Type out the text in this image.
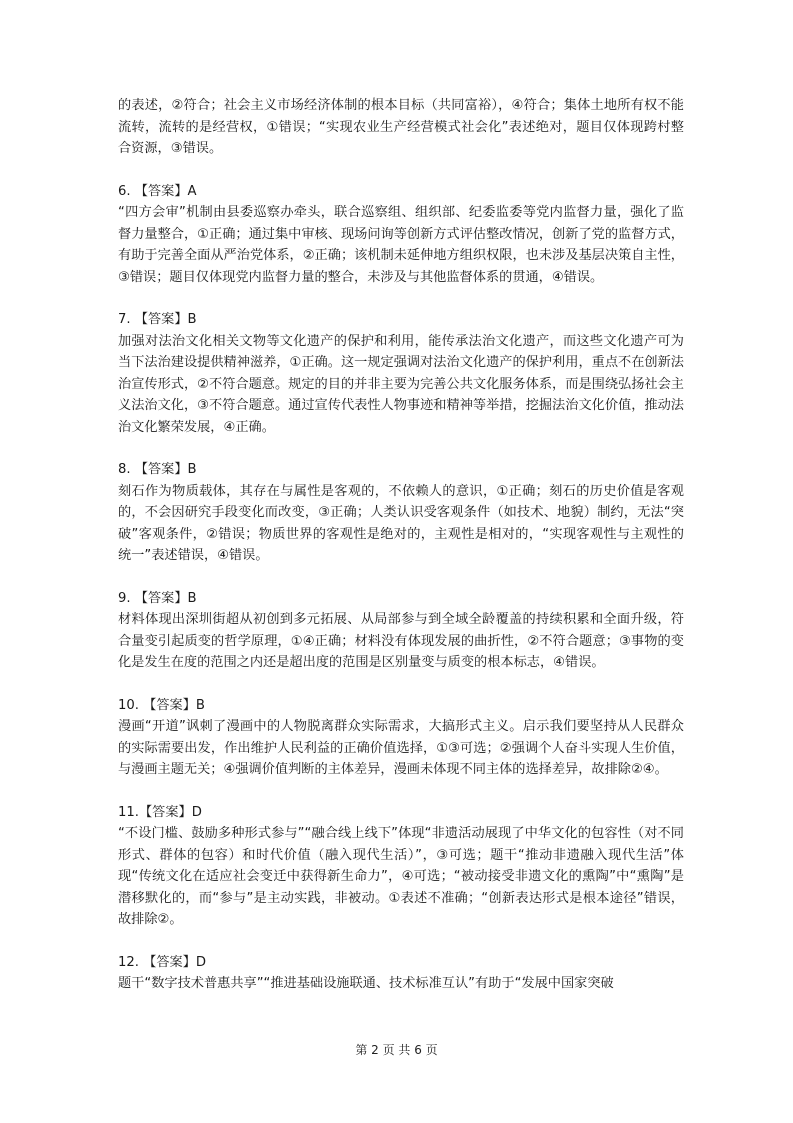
的表述，②符合；社会主义市场经济体制的根本目标（共同富裕），④符合；集体土地所有权不能流转，流转的是经营权，①错误；“实现农业生产经营模式社会化”表述绝对，题目仅体现跨村整合资源，③错误。

6. 【答案】A

“四方会审”机制由县委巡察办牵头，联合巡察组、组织部、纪委监委等党内监督力量，强化了监督力量整合，①正确；通过集中审核、现场问询等创新方式评估整改情况，创新了党的监督方式，有助于完善全面从严治党体系，②正确；该机制未延伸地方组织权限，也未涉及基层决策自主性，③错误；题目仅体现党内监督力量的整合，未涉及与其他监督体系的贯通，④错误。

7. 【答案】B

加强对法治文化相关文物等文化遗产的保护和利用，能传承法治文化遗产，而这些文化遗产可为当下法治建设提供精神滋养，①正确。这一规定强调对法治文化遗产的保护利用，重点不在创新法治宣传形式，②不符合题意。规定的目的并非主要为完善公共文化服务体系，而是围绕弘扬社会主义法治文化，③不符合题意。通过宣传代表性人物事迹和精神等举措，挖掘法治文化价值，推动法治文化繁荣发展，④正确。

8. 【答案】B

刻石作为物质载体，其存在与属性是客观的，不依赖人的意识，①正确；刻石的历史价值是客观的，不会因研究手段变化而改变，③正确；人类认识受客观条件（如技术、地貌）制约，无法“突破”客观条件，②错误；物质世界的客观性是绝对的，主观性是相对的，“实现客观性与主观性的统一”表述错误，④错误。

9. 【答案】B

材料体现出深圳街超从初创到多元拓展、从局部参与到全域全龄覆盖的持续积累和全面升级，符合量变引起质变的哲学原理，①④正确；材料没有体现发展的曲折性，②不符合题意；③事物的变化是发生在度的范围之内还是超出度的范围是区别量变与质变的根本标志，④错误。

10. 【答案】B

漫画“开道”讽刺了漫画中的人物脱离群众实际需求，大搞形式主义。启示我们要坚持从人民群众的实际需要出发，作出维护人民利益的正确价值选择，①③可选；②强调个人奋斗实现人生价值，与漫画主题无关；④强调价值判断的主体差异，漫画未体现不同主体的选择差异，故排除②④。

11.【答案】D

“不设门槛、鼓励多种形式参与”“融合线上线下”体现“非遗活动展现了中华文化的包容性（对不同形式、群体的包容）和时代价值（融入现代生活）”，③可选；题干“推动非遗融入现代生活”体现“传统文化在适应社会变迁中获得新生命力”，④可选；“被动接受非遗文化的熏陶”中“熏陶”是潜移默化的，而“参与”是主动实践，非被动。①表述不准确；“创新表达形式是根本途径”错误，故排除②。

12. 【答案】D

题干“数字技术普惠共享”“推进基础设施联通、技术标准互认”有助于“发展中国家突破

第 2 页 共 6 页
